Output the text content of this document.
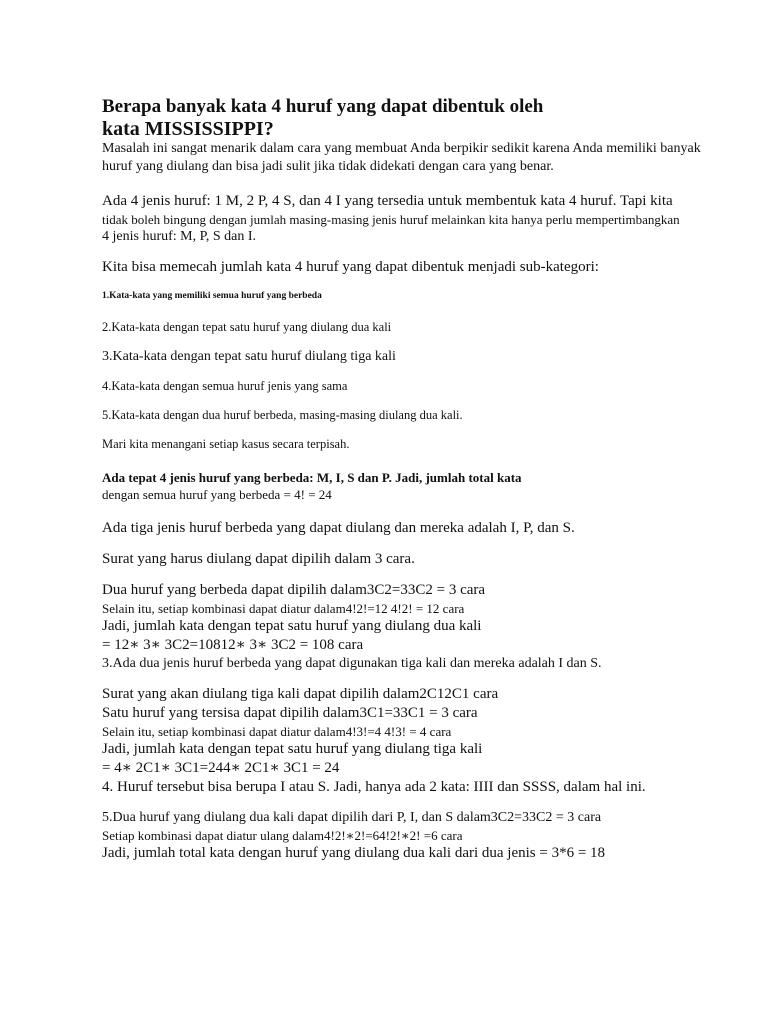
Berapa banyak kata 4 huruf yang dapat dibentuk oleh

kata MISSISSIPPI?

Masalah ini sangat menarik dalam cara yang membuat Anda berpikir sedikit karena Anda memiliki banyak

huruf yang diulang dan bisa jadi sulit jika tidak didekati dengan cara yang benar.

Ada 4 jenis huruf: 1 M, 2 P, 4 S, dan 4 I yang tersedia untuk membentuk kata 4 huruf. Tapi kita

tidak boleh bingung dengan jumlah masing-masing jenis huruf melainkan kita hanya perlu mempertimbangkan

4 jenis huruf: M, P, S dan I.

Kita bisa memecah jumlah kata 4 huruf yang dapat dibentuk menjadi sub-kategori:

1.Kata-kata yang memiliki semua huruf yang berbeda

2.Kata-kata dengan tepat satu huruf yang diulang dua kali

3.Kata-kata dengan tepat satu huruf diulang tiga kali

4.Kata-kata dengan semua huruf jenis yang sama

5.Kata-kata dengan dua huruf berbeda, masing-masing diulang dua kali.

Mari kita menangani setiap kasus secara terpisah.

Ada tepat 4 jenis huruf yang berbeda: M, I, S dan P. Jadi, jumlah total kata

dengan semua huruf yang berbeda = 4! = 24

Ada tiga jenis huruf berbeda yang dapat diulang dan mereka adalah I, P, dan S.

Surat yang harus diulang dapat dipilih dalam 3 cara.

Dua huruf yang berbeda dapat dipilih dalam3C2=33C2 = 3 cara

Selain itu, setiap kombinasi dapat diatur dalam4!2!=12 4!2! = 12 cara

Jadi, jumlah kata dengan tepat satu huruf yang diulang dua kali

= 12∗ 3∗ 3C2=10812∗ 3∗ 3C2 = 108 cara

3.Ada dua jenis huruf berbeda yang dapat digunakan tiga kali dan mereka adalah I dan S.

Surat yang akan diulang tiga kali dapat dipilih dalam2C12C1 cara

Satu huruf yang tersisa dapat dipilih dalam3C1=33C1 = 3 cara

Selain itu, setiap kombinasi dapat diatur dalam4!3!=4 4!3! = 4 cara

Jadi, jumlah kata dengan tepat satu huruf yang diulang tiga kali

= 4∗ 2C1∗ 3C1=244∗ 2C1∗ 3C1 = 24

4. Huruf tersebut bisa berupa I atau S. Jadi, hanya ada 2 kata: IIII dan SSSS, dalam hal ini.

5.Dua huruf yang diulang dua kali dapat dipilih dari P, I, dan S dalam3C2=33C2 = 3 cara

Setiap kombinasi dapat diatur ulang dalam4!2!∗2!=64!2!∗2! =6 cara

Jadi, jumlah total kata dengan huruf yang diulang dua kali dari dua jenis = 3*6 = 18
